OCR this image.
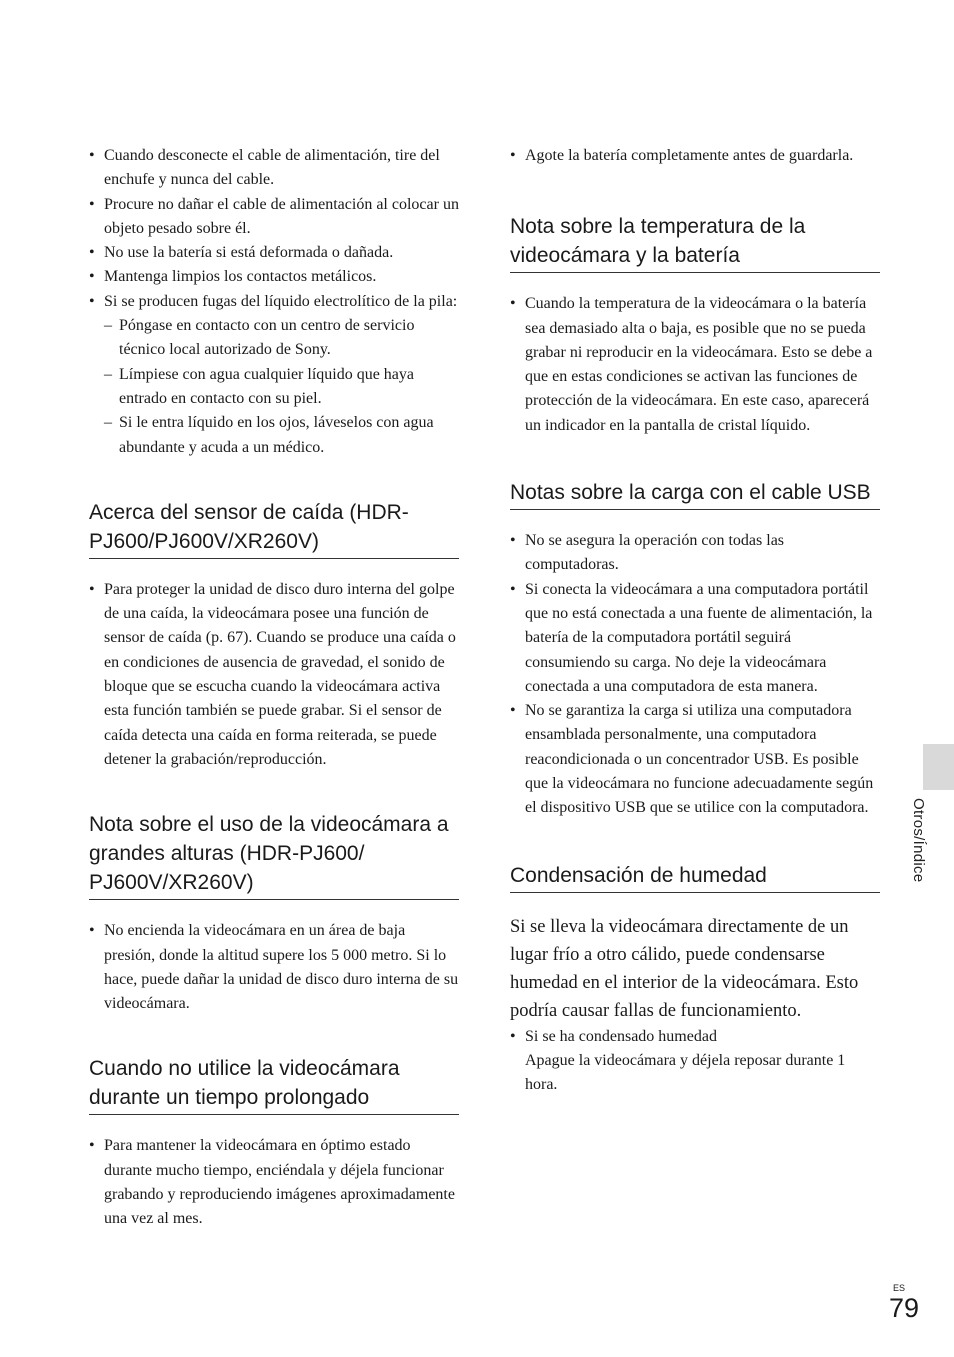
• Cuando desconecte el cable de alimentación, tire del enchufe y nunca del cable.
• Procure no dañar el cable de alimentación al colocar un objeto pesado sobre él.
• No use la batería si está deformada o dañada.
• Mantenga limpios los contactos metálicos.
• Si se producen fugas del líquido electrolítico de la pila:
– Póngase en contacto con un centro de servicio técnico local autorizado de Sony.
– Límpiese con agua cualquier líquido que haya entrado en contacto con su piel.
– Si le entra líquido en los ojos, láveselos con agua abundante y acuda a un médico.
Acerca del sensor de caída (HDR-PJ600/PJ600V/XR260V)
• Para proteger la unidad de disco duro interna del golpe de una caída, la videocámara posee una función de sensor de caída (p. 67). Cuando se produce una caída o en condiciones de ausencia de gravedad, el sonido de bloque que se escucha cuando la videocámara activa esta función también se puede grabar. Si el sensor de caída detecta una caída en forma reiterada, se puede detener la grabación/reproducción.
Nota sobre el uso de la videocámara a grandes alturas (HDR-PJ600/ PJ600V/XR260V)
• No encienda la videocámara en un área de baja presión, donde la altitud supere los 5 000 metro. Si lo hace, puede dañar la unidad de disco duro interna de su videocámara.
Cuando no utilice la videocámara durante un tiempo prolongado
• Para mantener la videocámara en óptimo estado durante mucho tiempo, enciéndala y déjela funcionar grabando y reproduciendo imágenes aproximadamente una vez al mes.
• Agote la batería completamente antes de guardarla.
Nota sobre la temperatura de la videocámara y la batería
• Cuando la temperatura de la videocámara o la batería sea demasiado alta o baja, es posible que no se pueda grabar ni reproducir en la videocámara. Esto se debe a que en estas condiciones se activan las funciones de protección de la videocámara. En este caso, aparecerá un indicador en la pantalla de cristal líquido.
Notas sobre la carga con el cable USB
• No se asegura la operación con todas las computadoras.
• Si conecta la videocámara a una computadora portátil que no está conectada a una fuente de alimentación, la batería de la computadora portátil seguirá consumiendo su carga. No deje la videocámara conectada a una computadora de esta manera.
• No se garantiza la carga si utiliza una computadora ensamblada personalmente, una computadora reacondicionada o un concentrador USB. Es posible que la videocámara no funcione adecuadamente según el dispositivo USB que se utilice con la computadora.
Condensación de humedad

Si se lleva la videocámara directamente de un lugar frío a otro cálido, puede condensarse humedad en el interior de la videocámara. Esto podría causar fallas de funcionamiento.

• Si se ha condensado humedad
Apague la videocámara y déjela reposar durante 1 hora.
Otros/Índice
ES
79
